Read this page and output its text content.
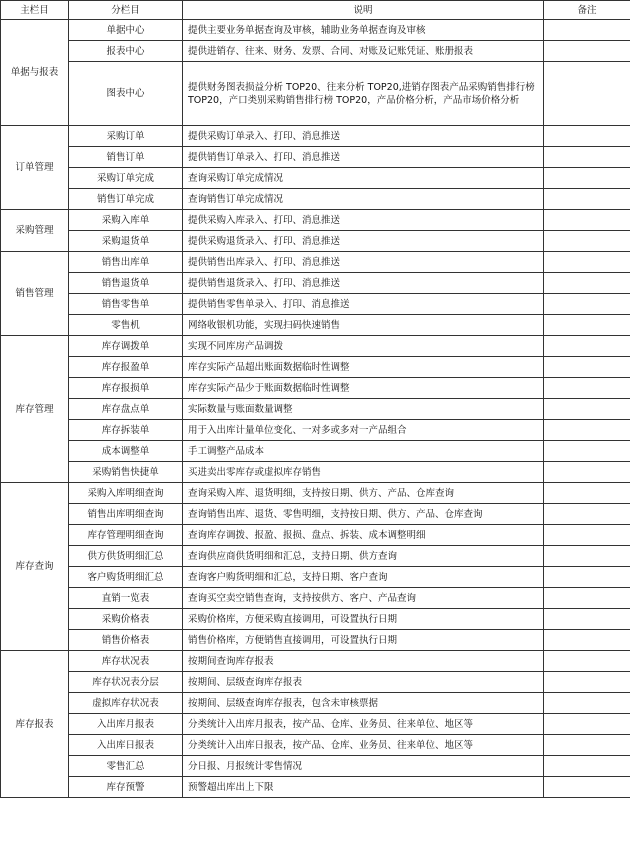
主栏目	分栏目	说明	备注
单据与报表	单据中心	提供主要业务单据查询及审核，辅助业务单据查询及审核	
	报表中心	提供进销存、往来、财务、发票、合同、对账及记账凭证、账册报表	
	图表中心	提供财务图表损益分析 TOP20、往来分析 TOP20,进销存图表产品采购销售排行榜 TOP20，产口类别采购销售排行榜 TOP20，产品价格分析，产品市场价格分析	
订单管理	采购订单	提供采购订单录入、打印、消息推送	
	销售订单	提供销售订单录入、打印、消息推送	
	采购订单完成	查询采购订单完成情况	
	销售订单完成	查询销售订单完成情况	
采购管理	采购入库单	提供采购入库录入、打印、消息推送	
	采购退货单	提供采购退货录入、打印、消息推送	
销售管理	销售出库单	提供销售出库录入、打印、消息推送	
	销售退货单	提供销售退货录入、打印、消息推送	
	销售零售单	提供销售零售单录入、打印、消息推送	
	零售机	网络收银机功能，实现扫码快速销售	
库存管理	库存调拨单	实现不同库房产品调拨	
	库存报盈单	库存实际产品超出账面数据临时性调整	
	库存报损单	库存实际产品少于账面数据临时性调整	
	库存盘点单	实际数量与账面数量调整	
	库存拆装单	用于入出库计量单位变化、一对多或多对一产品组合	
	成本调整单	手工调整产品成本	
	采购销售快捷单	买进卖出零库存或虚拟库存销售	
库存查询	采购入库明细查询	查询采购入库、退货明细，支持按日期、供方、产品、仓库查询	
	销售出库明细查询	查询销售出库、退货、零售明细，支持按日期、供方、产品、仓库查询	
	库存管理明细查询	查询库存调拨、报盈、报损、盘点、拆装、成本调整明细	
	供方供货明细汇总	查询供应商供货明细和汇总，支持日期、供方查询	
	客户购货明细汇总	查询客户购货明细和汇总，支持日期、客户查询	
	直销一览表	查询买空卖空销售查询，支持按供方、客户、产品查询	
	采购价格表	采购价格库，方便采购直接调用，可设置执行日期	
	销售价格表	销售价格库，方便销售直接调用，可设置执行日期	
库存报表	库存状况表	按期间查询库存报表	
	库存状况表分层	按期间、层级查询库存报表	
	虚拟库存状况表	按期间、层级查询库存报表，包含未审核票据	
	入出库月报表	分类统计入出库月报表，按产品、仓库、业务员、往来单位、地区等	
	入出库日报表	分类统计入出库日报表，按产品、仓库、业务员、往来单位、地区等	
	零售汇总	分日报、月报统计零售情况	
	库存预警	预警超出库出上下限	
